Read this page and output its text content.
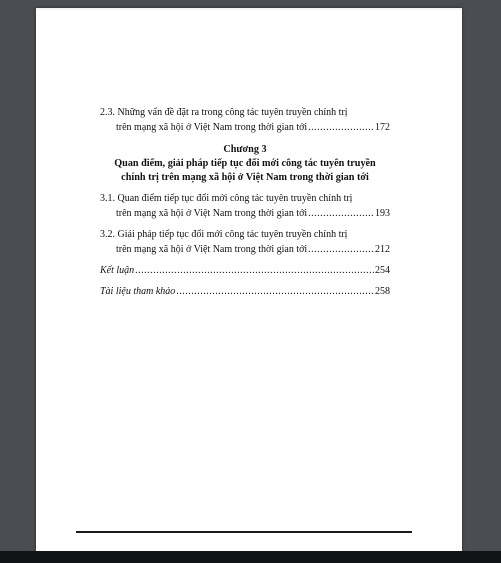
2.3. Những vấn đề đặt ra trong công tác tuyên truyền chính trị
trên mạng xã hội ở Việt Nam trong thời gian tới .....	172
Chương 3
Quan điểm, giải pháp tiếp tục đổi mới công tác tuyên truyền
chính trị trên mạng xã hội ở Việt Nam trong thời gian tới
3.1. Quan điểm tiếp tục đổi mới công tác tuyên truyền chính trị
trên mạng xã hội ở Việt Nam trong thời gian tới .....	193
3.2. Giải pháp tiếp tục đổi mới công tác tuyên truyền chính trị
trên mạng xã hội ở Việt Nam trong thời gian tới .....	212
Kết luận .....	254
Tài liệu tham khảo .....	258
